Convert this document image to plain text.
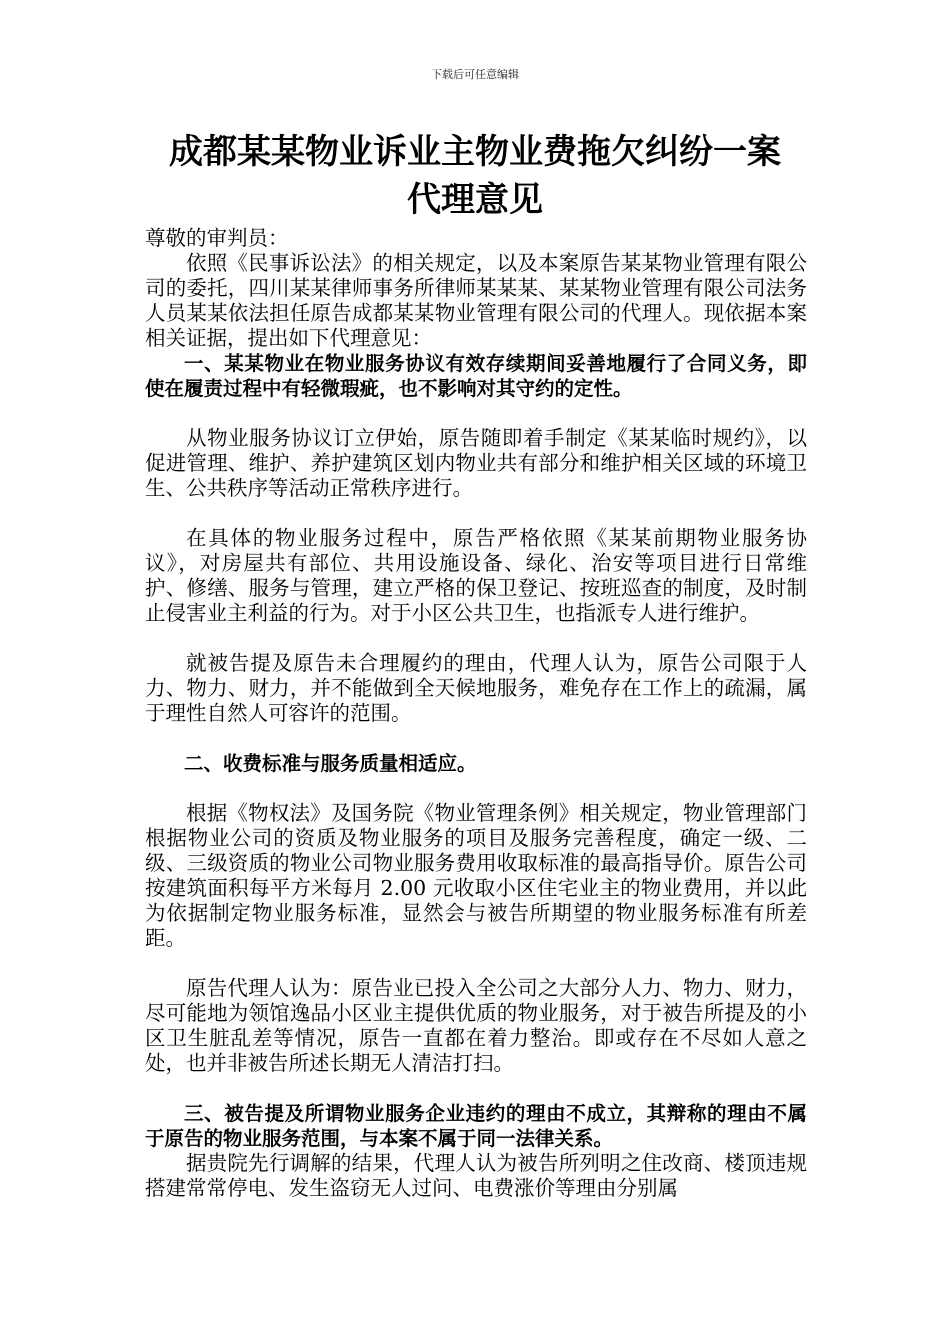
下载后可任意编辑
成都某某物业诉业主物业费拖欠纠纷一案
代理意见

尊敬的审判员：

依照《民事诉讼法》的相关规定，以及本案原告某某物业管理有限公司的委托，四川某某律师事务所律师某某某、某某物业管理有限公司法务人员某某依法担任原告成都某某物业管理有限公司的代理人。现依据本案相关证据，提出如下代理意见：

一、某某物业在物业服务协议有效存续期间妥善地履行了合同义务，即使在履责过程中有轻微瑕疵，也不影响对其守约的定性。

从物业服务协议订立伊始，原告随即着手制定《某某临时规约》，以促进管理、维护、养护建筑区划内物业共有部分和维护相关区域的环境卫生、公共秩序等活动正常秩序进行。

在具体的物业服务过程中，原告严格依照《某某前期物业服务协议》，对房屋共有部位、共用设施设备、绿化、治安等项目进行日常维护、修缮、服务与管理，建立严格的保卫登记、按班巡查的制度，及时制止侵害业主利益的行为。对于小区公共卫生，也指派专人进行维护。

就被告提及原告未合理履约的理由，代理人认为，原告公司限于人力、物力、财力，并不能做到全天候地服务，难免存在工作上的疏漏，属于理性自然人可容许的范围。

二、收费标准与服务质量相适应。

根据《物权法》及国务院《物业管理条例》相关规定，物业管理部门根据物业公司的资质及物业服务的项目及服务完善程度，确定一级、二级、三级资质的物业公司物业服务费用收取标准的最高指导价。原告公司按建筑面积每平方米每月 2.00 元收取小区住宅业主的物业费用，并以此为依据制定物业服务标准，显然会与被告所期望的物业服务标准有所差距。

原告代理人认为：原告业已投入全公司之大部分人力、物力、财力，尽可能地为领馆逸品小区业主提供优质的物业服务，对于被告所提及的小区卫生脏乱差等情况，原告一直都在着力整治。即或存在不尽如人意之处，也并非被告所述长期无人清洁打扫。

三、被告提及所谓物业服务企业违约的理由不成立，其辩称的理由不属于原告的物业服务范围，与本案不属于同一法律关系。

据贵院先行调解的结果，代理人认为被告所列明之住改商、楼顶违规搭建常常停电、发生盗窃无人过问、电费涨价等理由分别属
